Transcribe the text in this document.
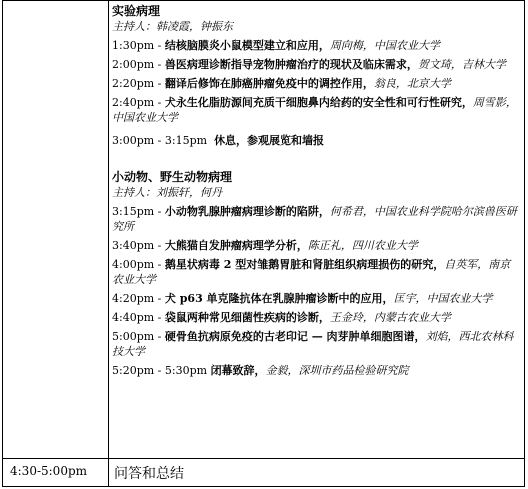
实验病理
主持人：韩凌霞，钟振东
1:30pm - 结核脑膜炎小鼠模型建立和应用，周向梅，中国农业大学
2:00pm - 兽医病理诊断指导宠物肿瘤治疗的现状及临床需求，贺文琦，吉林大学
2:20pm - 翻译后修饰在肺癌肿瘤免疫中的调控作用，翁良，北京大学
2:40pm - 犬永生化脂肪源间充质干细胞鼻内给药的安全性和可行性研究，周雪影，中国农业大学
3:00pm - 3:15pm 休息，参观展览和墙报
小动物、野生动物病理
主持人：刘振轩，何丹
3:15pm - 小动物乳腺肿瘤病理诊断的陷阱，何希君，中国农业科学院哈尔滨兽医研究所
3:40pm - 大熊猫自发肿瘤病理学分析，陈正礼，四川农业大学
4:00pm - 鹅星状病毒 2 型对雏鹅胃脏和肾脏组织病理损伤的研究，自英军，南京农业大学
4:20pm - 犬 p63 单克隆抗体在乳腺肿瘤诊断中的应用，匡宇，中国农业大学
4:40pm - 袋鼠两种常见细菌性疾病的诊断，王金玲，内蒙古农业大学
5:00pm - 硬骨鱼抗病原免疫的古老印记 — 肉芽肿单细胞图谱，刘焰，西北农林科技大学
5:20pm - 5:30pm 闭幕致辞，金毅，深圳市药品检验研究院
4:30-5:00pm 问答和总结
